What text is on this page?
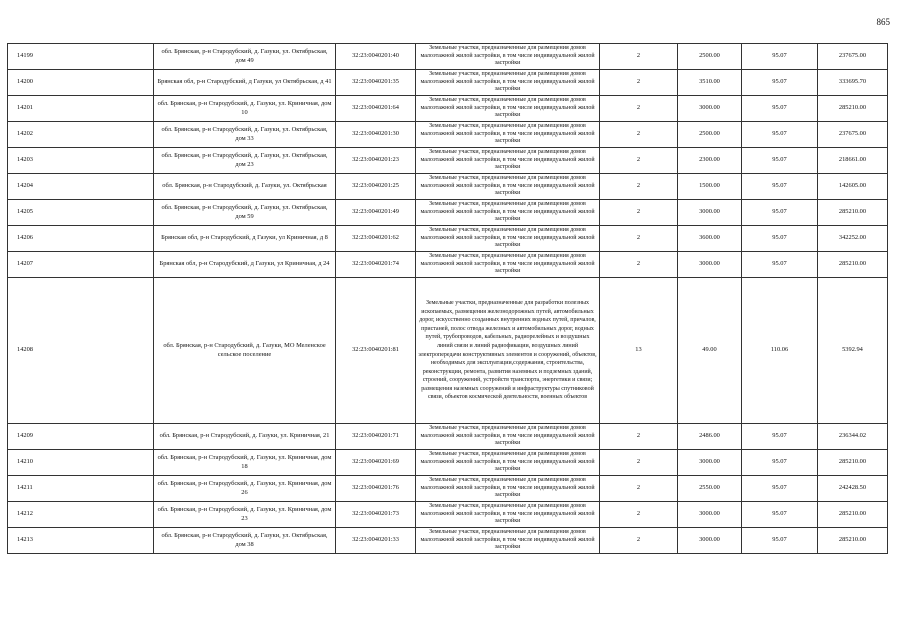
865
14199	обл. Брянская, р-н Стародубский, д. Газуки, ул. Октябрьская, дом 49	32:23:0040201:40	Земельные участки, предназначенные для размещения домов малоэтажной жилой застройки, в том числе индивидуальной жилой застройки	2	2500.00	95.07	237675.00
14200	Брянская обл, р-н Стародубский, д Газуки, ул Октябрьская, д 41	32:23:0040201:35	Земельные участки, предназначенные для размещения домов малоэтажной жилой застройки, в том числе индивидуальной жилой застройки	2	3510.00	95.07	333695.70
14201	обл. Брянская, р-н Стародубский, д. Газуки, ул. Криничная, дом 10	32:23:0040201:64	Земельные участки, предназначенные для размещения домов малоэтажной жилой застройки, в том числе индивидуальной жилой застройки	2	3000.00	95.07	285210.00
14202	обл. Брянская, р-н Стародубский, д. Газуки, ул. Октябрьская, дом 33	32:23:0040201:30	Земельные участки, предназначенные для размещения домов малоэтажной жилой застройки, в том числе индивидуальной жилой застройки	2	2500.00	95.07	237675.00
14203	обл. Брянская, р-н Стародубский, д. Газуки, ул. Октябрьская, дом 23	32:23:0040201:23	Земельные участки, предназначенные для размещения домов малоэтажной жилой застройки, в том числе индивидуальной жилой застройки	2	2300.00	95.07	218661.00
14204	обл. Брянская, р-н Стародубский, д. Газуки, ул. Октябрьская	32:23:0040201:25	Земельные участки, предназначенные для размещения домов малоэтажной жилой застройки, в том числе индивидуальной жилой застройки	2	1500.00	95.07	142605.00
14205	обл. Брянская, р-н Стародубский, д. Газуки, ул. Октябрьская, дом 59	32:23:0040201:49	Земельные участки, предназначенные для размещения домов малоэтажной жилой застройки, в том числе индивидуальной жилой застройки	2	3000.00	95.07	285210.00
14206	Брянская обл, р-н Стародубский, д Газуки, ул Криничная, д 8	32:23:0040201:62	Земельные участки, предназначенные для размещения домов малоэтажной жилой застройки, в том числе индивидуальной жилой застройки	2	3600.00	95.07	342252.00
14207	Брянская обл, р-н Стародубский, д Газуки, ул Криничная, д 24	32:23:0040201:74	Земельные участки, предназначенные для размещения домов малоэтажной жилой застройки, в том числе индивидуальной жилой застройки	2	3000.00	95.07	285210.00
14208	обл. Брянская, р-н Стародубский, д. Газуки, МО Меленское сельское поселение	32:23:0040201:81	Земельные участки, предназначенные для разработки полезных ископаемых, размещения железнодорожных путей, автомобильных дорог, искусственно созданных внутренних водных путей, причалов, пристаней, полос отвода железных и автомобильных дорог, водных путей, трубопроводов, кабельных, радиорелейных и воздушных линий связи и линий радиофикации, воздушных линий электропередачи конструктивных элементов и сооружений, объектов, необходимых для эксплуатации,содержания, строительства, реконструкции, ремонта, развития наземных и подземных зданий, строений, сооружений, устройств транспорта, энергетики и связи; размещения наземных сооружений и инфраструктуры спутниковой связи, объектов космической деятельности, военных объектов	13	49.00	110.06	5392.94
14209	обл. Брянская, р-н Стародубский, д. Газуки, ул. Криничная, 21	32:23:0040201:71	Земельные участки, предназначенные для размещения домов малоэтажной жилой застройки, в том числе индивидуальной жилой застройки	2	2486.00	95.07	236344.02
14210	обл. Брянская, р-н Стародубский, д. Газуки, ул. Криничная, дом 18	32:23:0040201:69	Земельные участки, предназначенные для размещения домов малоэтажной жилой застройки, в том числе индивидуальной жилой застройки	2	3000.00	95.07	285210.00
14211	обл. Брянская, р-н Стародубский, д. Газуки, ул. Криничная, дом 26	32:23:0040201:76	Земельные участки, предназначенные для размещения домов малоэтажной жилой застройки, в том числе индивидуальной жилой застройки	2	2550.00	95.07	242428.50
14212	обл. Брянская, р-н Стародубский, д. Газуки, ул. Криничная, дом 23	32:23:0040201:73	Земельные участки, предназначенные для размещения домов малоэтажной жилой застройки, в том числе индивидуальной жилой застройки	2	3000.00	95.07	285210.00
14213	обл. Брянская, р-н Стародубский, д. Газуки, ул. Октябрьская, дом 38	32:23:0040201:33	Земельные участки, предназначенные для размещения домов малоэтажной жилой застройки, в том числе индивидуальной жилой застройки	2	3000.00	95.07	285210.00
